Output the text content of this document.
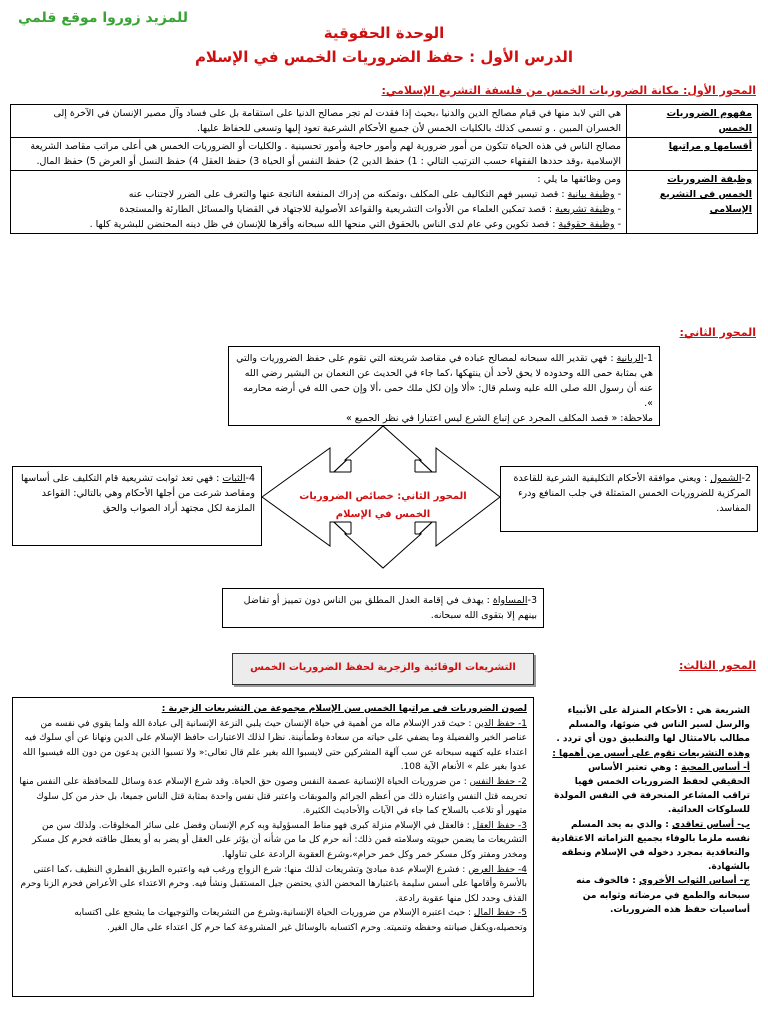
للمزيد زوروا موقع قلمي
الوحدة الحقوقية
الدرس الأول : حفظ الضروريات الخمس في الإسلام
المحور الأول: مكانة الضروريات الخمس من فلسفة التشريع الإسلامي:
مفهوم الضروريات الخمس	هي التي لابد منها في قيام مصالح الدين والدنيا ،بحيث إذا فقدت لم تجر مصالح الدنيا على استقامة بل على فساد وآل مصير الإنسان في الآخرة إلى الخسران المبين . و تسمى كذلك بالكليات الخمس لأن جميع الأحكام الشرعية تعود إليها وتسعى للحفاظ عليها.
أقسامها و مراتبها	مصالح الناس في هذه الحياة تتكون من أمور ضرورية لهم وأمور حاجية وأمور تحسينية . والكليات أو الضروريات الخمس هي أعلى مراتب مقاصد الشريعة الإسلامية ،وقد حددها الفقهاء حسب الترتيب التالي : 1) حفظ الدين 2) حفظ النفس أو الحياة 3) حفظ العقل 4) حفظ النسل أو العرض 5) حفظ المال.
وظيفة الضروريات الخمس في التشريع الإسلامي	ومن وظائفها ما يلي :
- وظيفة بيانية : قصد تيسير فهم التكاليف على المكلف ،وتمكنه من إدراك المنفعة الناتجة عنها والتعرف على الضرر لاجتناب عنه
- وظيفة تشريعية : قصد تمكين العلماء من الأدوات التشريعية والقواعد الأصولية للاجتهاد في القضايا والمسائل الطارئة والمستجدة
- وظيفة حقوقية : قصد تكوين وعي عام لدى الناس بالحقوق التي منحها الله سبحانه وأقرها للإنسان في ظل دينه المحتضن للبشرية كلها .
المحور الثاني:
المحور الثاني: خصائص الضروريات الخمس في الإسلام
1-الربانية : فهي تقدير الله سبحانه لمصالح عباده في مقاصد شريعته التي تقوم على حفظ الضروريات والتي هي بمثابة حمى الله وحدوده لا يحق لأحد أن ينتهكها ،كما جاء في الحديث عن النعمان بن البشير رضي الله عنه أن رسول الله صلى الله عليه وسلم قال: «ألا وإن لكل ملك حمى ،ألا وإن حمى الله في أرضه محارمه ».
ملاحظة: « قصد المكلف المجرد عن إتباع الشرع ليس اعتبارا في نظر الجميع »
2-الشمول : ويعني موافقة الأحكام التكليفية الشرعية للقاعدة المركزية للضروريات الخمس المتمثلة في جلب المنافع ودرء المفاسد.
4-الثبات : فهي تعد ثوابت تشريعية قام التكليف على أساسها ومقاصد شرعت من أجلها الأحكام وهي بالتالي: القواعد الملزمة لكل مجتهد أراد الصواب والحق
3-المساواة : يهدف في إقامة العدل المطلق بين الناس دون تمييز أو تفاضل بينهم إلا بتقوى الله سبحانه.
المحور الثالث:
التشريعات الوقائية والزجرية لحفظ الضروريات الخمس
الشريعة هي : الأحكام المنزلة على الأنبياء والرسل لسير الناس في ضوئها، والمسلم مطالب بالامتثال لها والتطبيق دون أي تردد .
وهذه التشريعات تقوم على أسس من أهمها :
أ- أساس المحبة : وهي تعتبر الأساس الحقيقي لحفظ الضروريات الخمس فهيا تراقب المشاعر المنحرفة في النفس المولدة للسلوكات العدائية.
ب- أساس تعاقدي : والذي به يحد المسلم نفسه ملزما بالوفاء بجميع التزاماته الاعتقادية والتعاقدية بمجرد دخوله في الإسلام ونطقه بالشهادة.
ج- أساس الثواب الأخروي : فالخوف منه سبحانه والطمع في مرضاته وثوابه من أساسيات حفظ هذه الضروريات.
لصون الضروريات في مراتبها الخمس سن الإسلام مجموعة من التشريعات الزجرية :
1- حفظ الدين : حيث قدر الإسلام ماله من أهمية في حياة الإنسان حيث يلبي النزعة الإنسانية إلى عبادة الله ولما يقوي في نفسه من عناصر الخير والفضيلة وما يضفي على حياته من سعادة وطمأنينة. نظرا لذلك الاعتبارات حافظ الإسلام على الدين ونهانا عن أي سلوك فيه اعتداء عليه كنهيه سبحانه عن سب آلهة المشركين حتى لايسبوا الله بغير علم قال تعالى:« ولا تسبوا الذين يدعون من دون الله فيسبوا الله عدوا بغير علم » الأنعام الآية 108.
2- حفظ النفس : من ضروريات الحياة الإنسانية عصمة النفس وصون حق الحياة. وقد شرع الإسلام عدة وسائل للمحافظة على النفس منها تحريمه قتل النفس واعتباره ذلك من أعظم الجرائم والموبقات واعتبر قتل نفس واحدة بمثابة قتل الناس جميعا، بل حذر من كل سلوك متهور أو تلاعب بالسلاح كما جاء في الآيات والأحاديث الكثيرة.
3- حفظ العقل : فالعقل في الإسلام منزلة كبرى فهو مناط المسؤولية وبه كرم الإنسان وفضل على سائر المخلوقات. ولذلك سن من التشريعات ما يضمن حيويته وسلامته فمن ذلك: أنه حرم كل ما من شأنه أن يؤثر على العقل أو يضر به أو يعطل طاقته فحرم كل مسكر ومخدر ومفتر وكل مسكر خمر وكل خمر حرام»،وشرع العقوبة الرادعة على تناولها.
4- حفظ العرض : فشرع الإسلام عدة مبادئ وتشريعات لذلك منها: شرع الزواج ورغب فيه واعتبره الطريق الفطري النظيف ،كما اعتنى بالأسرة وأقامها على أسس سليمة باعتبارها المحضن الذي يحتضن جيل المستقبل ونشأ فيه. وحرم الاعتداء على الأعراض فحرم الزنا وحرم القذف وحدد لكل منها عقوبة رادعة.
5- حفظ المال : حيث اعتبره الإسلام من ضروريات الحياة الإنسانية،وشرع من التشريعات والتوجيهات ما يشجع على اكتسابه وتحصيله،ويكفل صيانته وحفظه وتنميته. وحرم اكتسابه بالوسائل غير المشروعة كما حرم كل اعتداء على مال الغير.
